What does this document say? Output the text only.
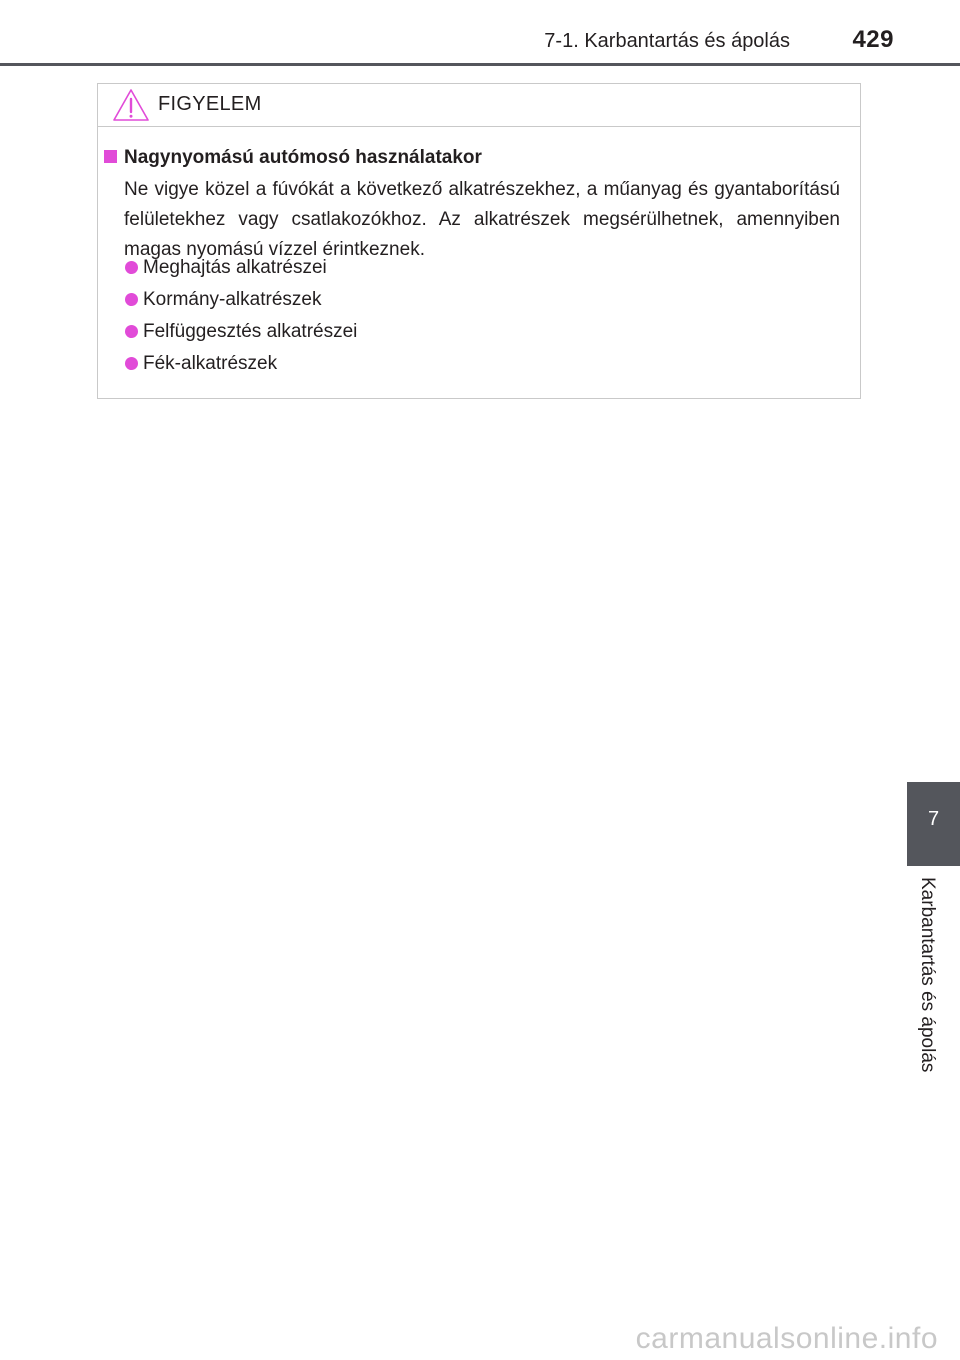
7-1. Karbantartás és ápolás	429
FIGYELEM
Nagynyomású autómosó használatakor
Ne vigye közel a fúvókát a következő alkatrészekhez, a műanyag és gyantaborítású felületekhez vagy csatlakozókhoz. Az alkatrészek megsérülhetnek, amennyiben magas nyomású vízzel érintkeznek.
Meghajtás alkatrészei
Kormány-alkatrészek
Felfüggesztés alkatrészei
Fék-alkatrészek
7
Karbantartás és ápolás
carmanualsonline.info
